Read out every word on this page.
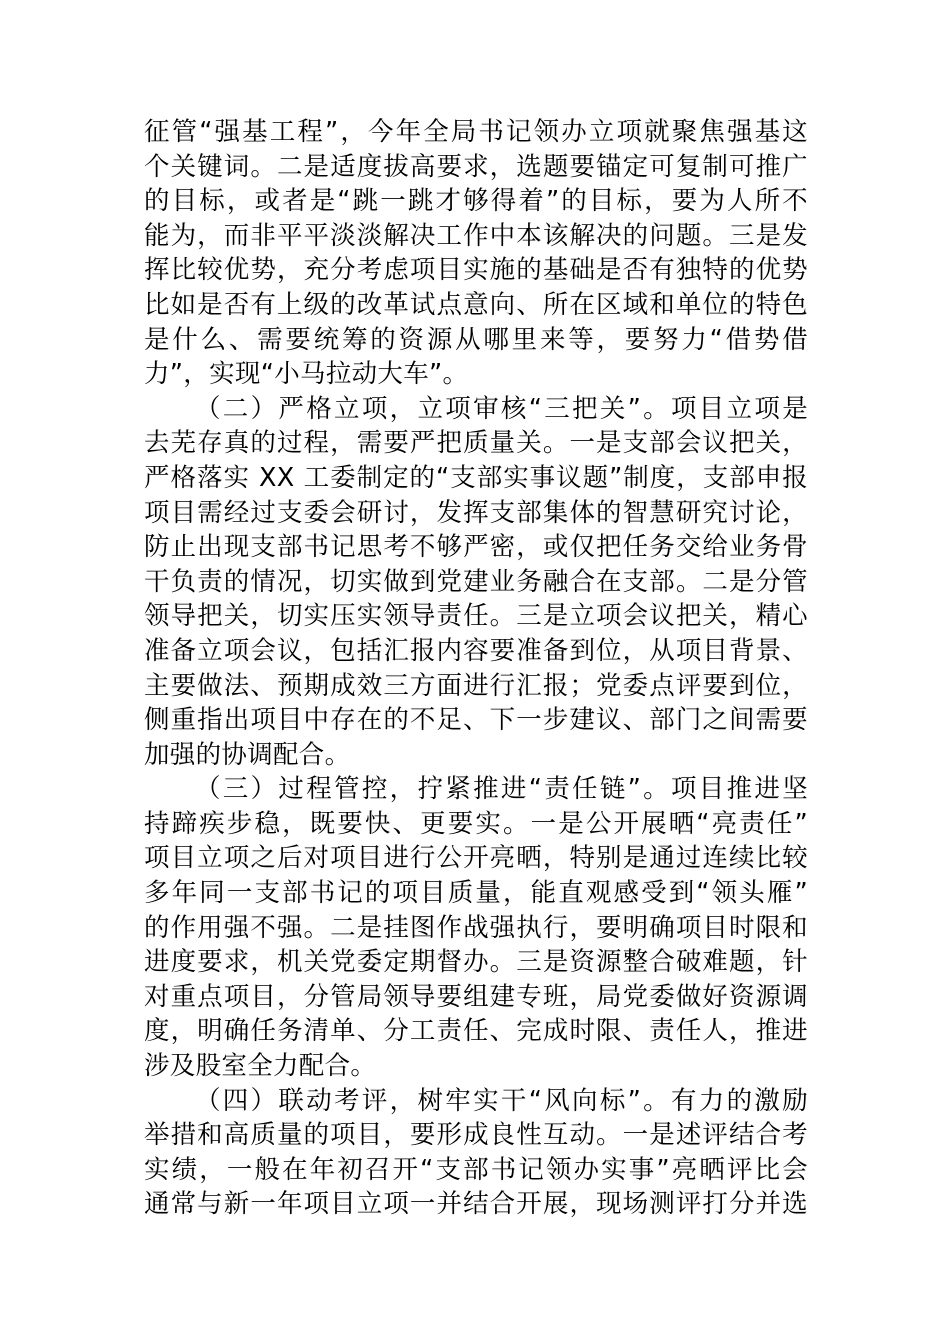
征管“强基工程”，今年全局书记领办立项就聚焦强基这
个关键词。二是适度拔高要求，选题要锚定可复制可推广
的目标，或者是“跳一跳才够得着”的目标，要为人所不
能为，而非平平淡淡解决工作中本该解决的问题。三是发
挥比较优势，充分考虑项目实施的基础是否有独特的优势
比如是否有上级的改革试点意向、所在区域和单位的特色
是什么、需要统筹的资源从哪里来等，要努力“借势借
力”，实现“小马拉动大车”。
（二）严格立项，立项审核“三把关”。项目立项是
去芜存真的过程，需要严把质量关。一是支部会议把关，
严格落实 XX 工委制定的“支部实事议题”制度，支部申报
项目需经过支委会研讨，发挥支部集体的智慧研究讨论，
防止出现支部书记思考不够严密，或仅把任务交给业务骨
干负责的情况，切实做到党建业务融合在支部。二是分管
领导把关，切实压实领导责任。三是立项会议把关，精心
准备立项会议，包括汇报内容要准备到位，从项目背景、
主要做法、预期成效三方面进行汇报；党委点评要到位，
侧重指出项目中存在的不足、下一步建议、部门之间需要
加强的协调配合。
（三）过程管控，拧紧推进“责任链”。项目推进坚
持蹄疾步稳，既要快、更要实。一是公开展晒“亮责任”
项目立项之后对项目进行公开亮晒，特别是通过连续比较
多年同一支部书记的项目质量，能直观感受到“领头雁”
的作用强不强。二是挂图作战强执行，要明确项目时限和
进度要求，机关党委定期督办。三是资源整合破难题，针
对重点项目，分管局领导要组建专班，局党委做好资源调
度，明确任务清单、分工责任、完成时限、责任人，推进
涉及股室全力配合。
（四）联动考评，树牢实干“风向标”。有力的激励
举措和高质量的项目，要形成良性互动。一是述评结合考
实绩，一般在年初召开“支部书记领办实事”亮晒评比会
通常与新一年项目立项一并结合开展，现场测评打分并选
